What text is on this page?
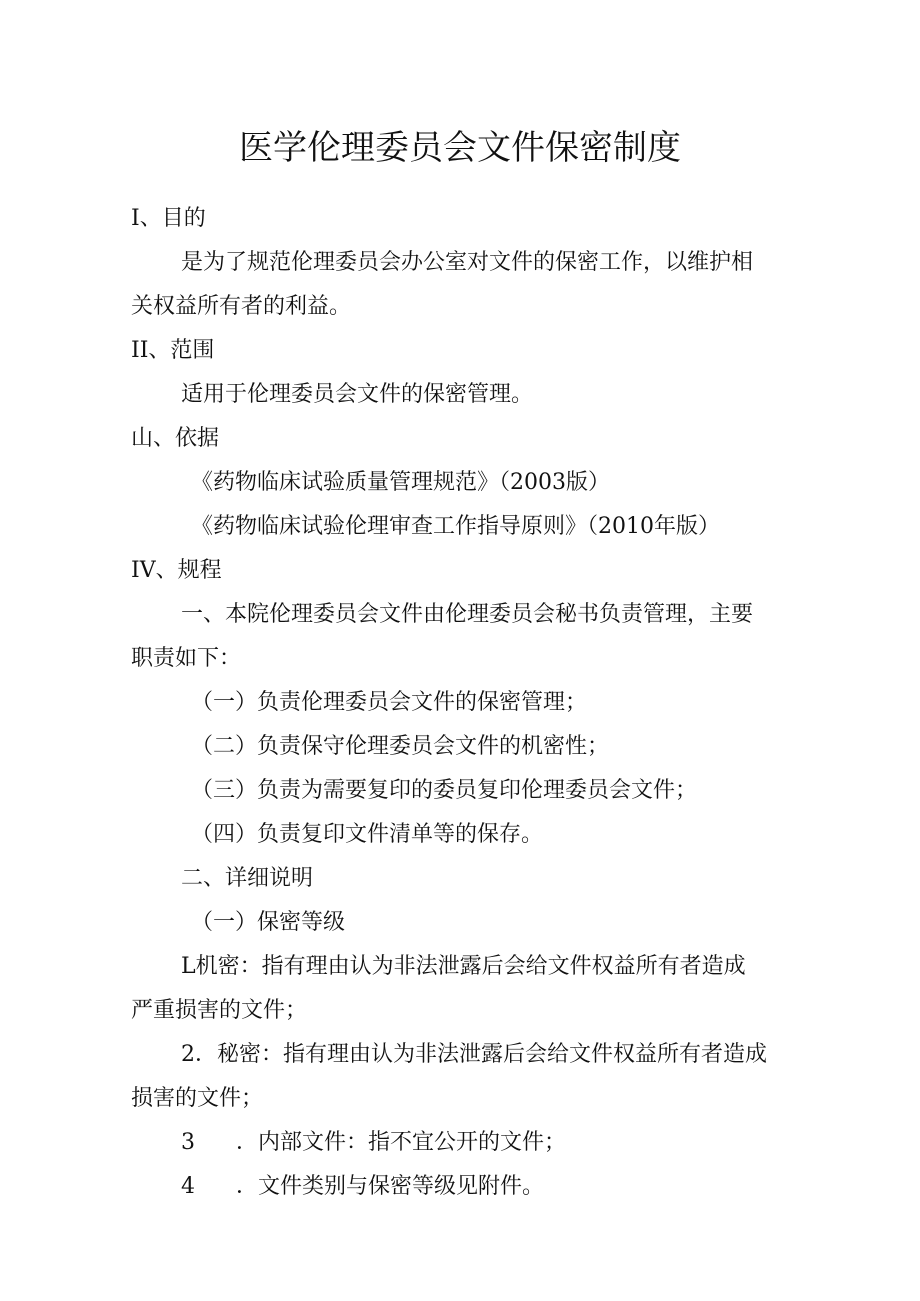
医学伦理委员会文件保密制度
I、目的
是为了规范伦理委员会办公室对文件的保密工作，以维护相
关权益所有者的利益。
II、范围
适用于伦理委员会文件的保密管理。
山、依据
《药物临床试验质量管理规范》（2003版）
《药物临床试验伦理审查工作指导原则》（2010年版）
IV、规程
一、本院伦理委员会文件由伦理委员会秘书负责管理，主要
职责如下：
（一）负责伦理委员会文件的保密管理；
（二）负责保守伦理委员会文件的机密性；
（三）负责为需要复印的委员复印伦理委员会文件；
（四）负责复印文件清单等的保存。
二、详细说明
（一）保密等级
L机密：指有理由认为非法泄露后会给文件权益所有者造成
严重损害的文件；
2．秘密：指有理由认为非法泄露后会给文件权益所有者造成
损害的文件；
3 ．内部文件：指不宜公开的文件；
4 ．文件类别与保密等级见附件。
